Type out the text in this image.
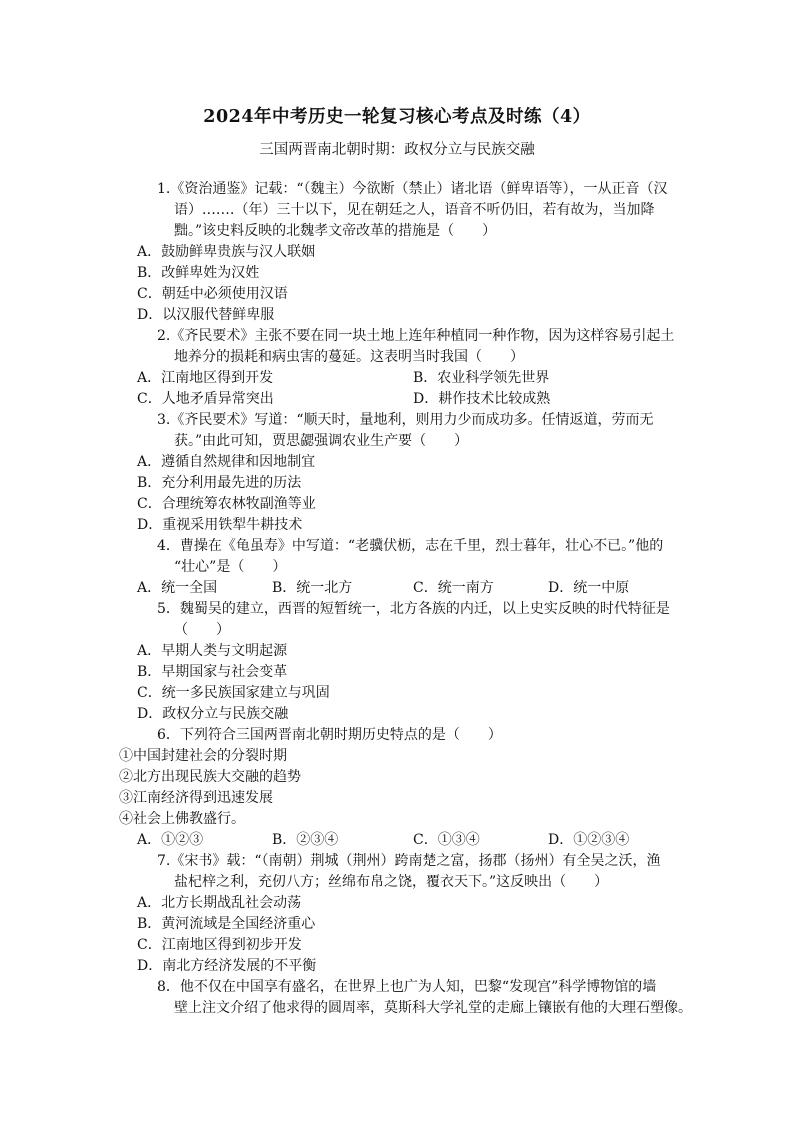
2024年中考历史一轮复习核心考点及时练（4）
三国两晋南北朝时期：政权分立与民族交融
1.《资治通鉴》记载：“（魏主）今欲断（禁止）诸北语（鲜卑语等），一从正音（汉
语）.……（年）三十以下，见在朝廷之人，语音不听仍旧，若有故为，当加降
黜。”该史料反映的北魏孝文帝改革的措施是（　　）
A．鼓励鲜卑贵族与汉人联姻
B．改鲜卑姓为汉姓
C．朝廷中必须使用汉语
D．以汉服代替鲜卑服
2.《齐民要术》主张不要在同一块土地上连年种植同一种作物，因为这样容易引起土
地养分的损耗和病虫害的蔓延。这表明当时我国（　　）
A．江南地区得到开发	B．农业科学领先世界
C．人地矛盾异常突出	D．耕作技术比较成熟
3.《齐民要术》写道：“顺天时，量地利，则用力少而成功多。任情返道，劳而无
获。”由此可知，贾思勰强调农业生产要（　　）
A．遵循自然规律和因地制宜
B．充分利用最先进的历法
C．合理统筹农林牧副渔等业
D．重视采用铁犁牛耕技术
4．曹操在《龟虽寿》中写道：“老骥伏枥，志在千里，烈士暮年，壮心不已。”他的
“壮心”是（　　）
A．统一全国	B．统一北方	C．统一南方	D．统一中原
5．魏蜀吴的建立，西晋的短暂统一，北方各族的内迁，以上史实反映的时代特征是
（　　）
A．早期人类与文明起源
B．早期国家与社会变革
C．统一多民族国家建立与巩固
D．政权分立与民族交融
6．下列符合三国两晋南北朝时期历史特点的是（　　）
①中国封建社会的分裂时期
②北方出现民族大交融的趋势
③江南经济得到迅速发展
④社会上佛教盛行。
A．①②③	B．②③④	C．①③④	D．①②③④
7.《宋书》载：“（南朝）荆城（荆州）跨南楚之富，扬郡（扬州）有全吴之沃，渔
盐杞梓之利，充仞八方；丝绵布帛之饶，覆衣天下。”这反映出（　　）
A．北方长期战乱社会动荡
B．黄河流域是全国经济重心
C．江南地区得到初步开发
D．南北方经济发展的不平衡
8．他不仅在中国享有盛名，在世界上也广为人知，巴黎“发现宫”科学博物馆的墙
壁上注文介绍了他求得的圆周率，莫斯科大学礼堂的走廊上镶嵌有他的大理石塑像。
